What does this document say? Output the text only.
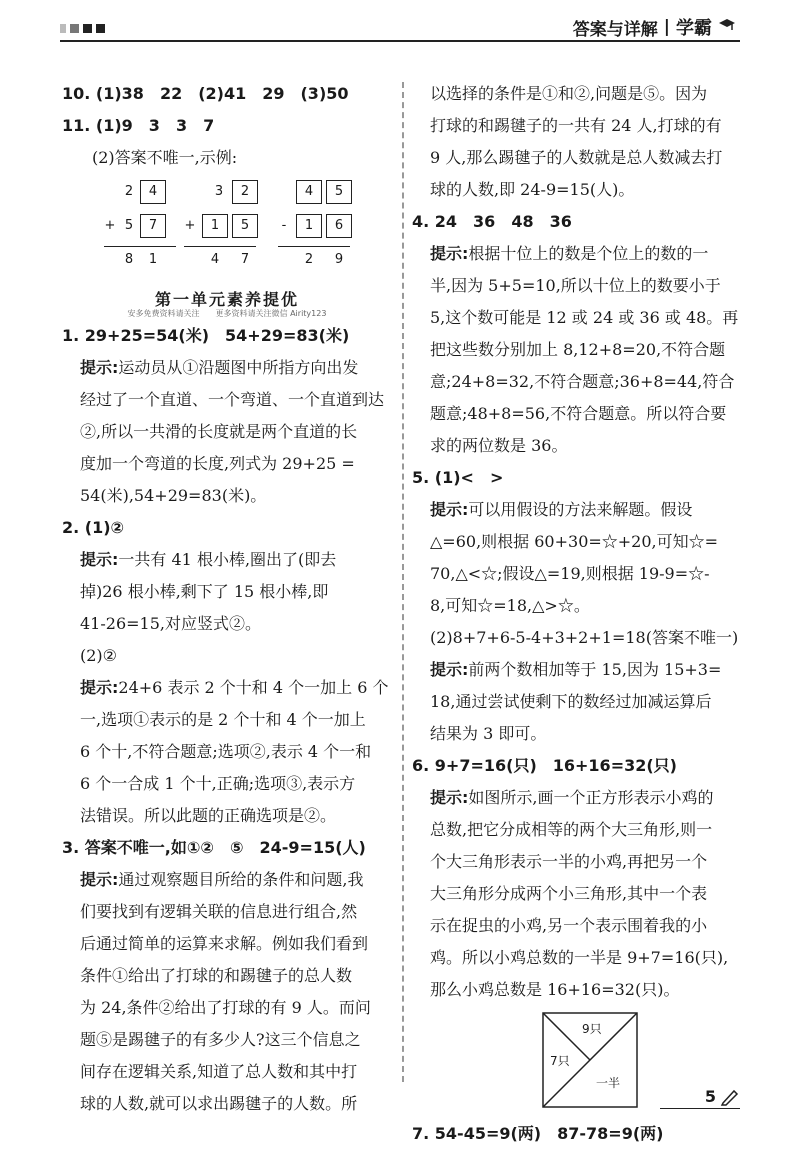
答案与详解 | 学霸
10. (1)38　22　(2)41　29　(3)50
11. (1)9　3　3　7
(2)答案不唯一,示例:
2	4
+ 5	7
8	1
3	2
+	1	5
4	7
4	5
-	1	6
2	9
第一单元素养提优
安多免费资料请关注　　更多资料请关注微信 Airity123
1. 29+25=54(米)　54+29=83(米)
提示:运动员从①沿题图中所指方向出发
经过了一个直道、一个弯道、一个直道到达
②,所以一共滑的长度就是两个直道的长
度加一个弯道的长度,列式为 29+25 =
54(米),54+29=83(米)。
2. (1)②
提示:一共有 41 根小棒,圈出了(即去
掉)26 根小棒,剩下了 15 根小棒,即
41-26=15,对应竖式②。
(2)②
提示:24+6 表示 2 个十和 4 个一加上 6 个
一,选项①表示的是 2 个十和 4 个一加上
6 个十,不符合题意;选项②,表示 4 个一和
6 个一合成 1 个十,正确;选项③,表示方
法错误。所以此题的正确选项是②。
3. 答案不唯一,如①②　⑤　24-9=15(人)
提示:通过观察题目所给的条件和问题,我
们要找到有逻辑关联的信息进行组合,然
后通过简单的运算来求解。例如我们看到
条件①给出了打球的和踢毽子的总人数
为 24,条件②给出了打球的有 9 人。而问
题⑤是踢毽子的有多少人?这三个信息之
间存在逻辑关系,知道了总人数和其中打
球的人数,就可以求出踢毽子的人数。所
以选择的条件是①和②,问题是⑤。因为
打球的和踢毽子的一共有 24 人,打球的有
9 人,那么踢毽子的人数就是总人数减去打
球的人数,即 24-9=15(人)。
4. 24　36　48　36
提示:根据十位上的数是个位上的数的一
半,因为 5+5=10,所以十位上的数要小于
5,这个数可能是 12 或 24 或 36 或 48。再
把这些数分别加上 8,12+8=20,不符合题
意;24+8=32,不符合题意;36+8=44,符合
题意;48+8=56,不符合题意。所以符合要
求的两位数是 36。
5. (1)<　>
提示:可以用假设的方法来解题。假设
△=60,则根据 60+30=☆+20,可知☆=
70,△<☆;假设△=19,则根据 19-9=☆-
8,可知☆=18,△>☆。
(2)8+7+6-5-4+3+2+1=18(答案不唯一)
提示:前两个数相加等于 15,因为 15+3=
18,通过尝试使剩下的数经过加减运算后
结果为 3 即可。
6. 9+7=16(只)　16+16=32(只)
提示:如图所示,画一个正方形表示小鸡的
总数,把它分成相等的两个大三角形,则一
个大三角形表示一半的小鸡,再把另一个
大三角形分成两个小三角形,其中一个表
示在捉虫的小鸡,另一个表示围着我的小
鸡。所以小鸡总数的一半是 9+7=16(只),
那么小鸡总数是 16+16=32(只)。
9只
7只
一半
7. 54-45=9(两)　87-78=9(两)
5
